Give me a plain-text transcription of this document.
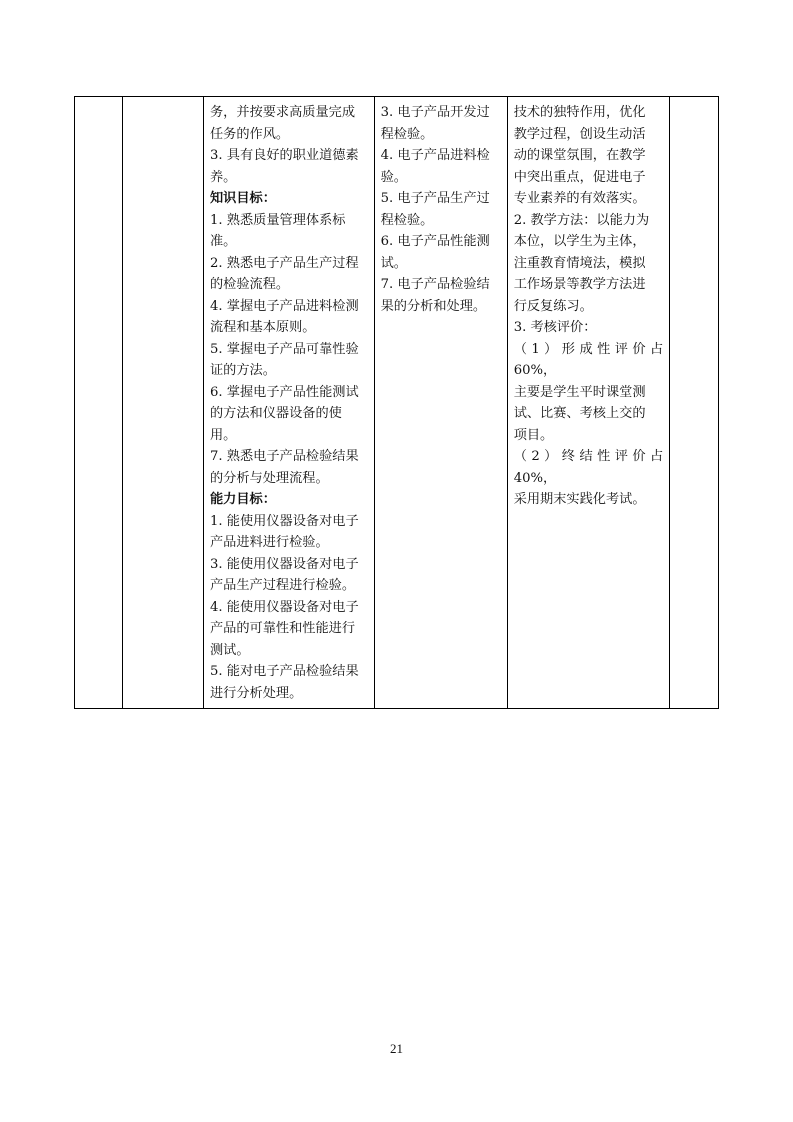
务，并按要求高质量完成
任务的作风。
3. 具有良好的职业道德素
养。
知识目标：
1. 熟悉质量管理体系标
准。
2. 熟悉电子产品生产过程
的检验流程。
4. 掌握电子产品进料检测
流程和基本原则。
5. 掌握电子产品可靠性验
证的方法。
6. 掌握电子产品性能测试
的方法和仪器设备的使
用。
7. 熟悉电子产品检验结果
的分析与处理流程。
能力目标：
1. 能使用仪器设备对电子
产品进料进行检验。
3. 能使用仪器设备对电子
产品生产过程进行检验。
4. 能使用仪器设备对电子
产品的可靠性和性能进行
测试。
5. 能对电子产品检验结果
进行分析处理。

3. 电子产品开发过
程检验。
4. 电子产品进料检
验。
5. 电子产品生产过
程检验。
6. 电子产品性能测
试。
7. 电子产品检验结
果的分析和处理。

技术的独特作用，优化
教学过程，创设生动活
动的课堂氛围，在教学
中突出重点，促进电子
专业素养的有效落实。
2. 教学方法：以能力为
本位，以学生为主体，
注重教育情境法，模拟
工作场景等教学方法进
行反复练习。
3. 考核评价：
（1）形成性评价占 60%，
主要是学生平时课堂测
试、比赛、考核上交的
项目。
（2）终结性评价占 40%，
采用期末实践化考试。

21
